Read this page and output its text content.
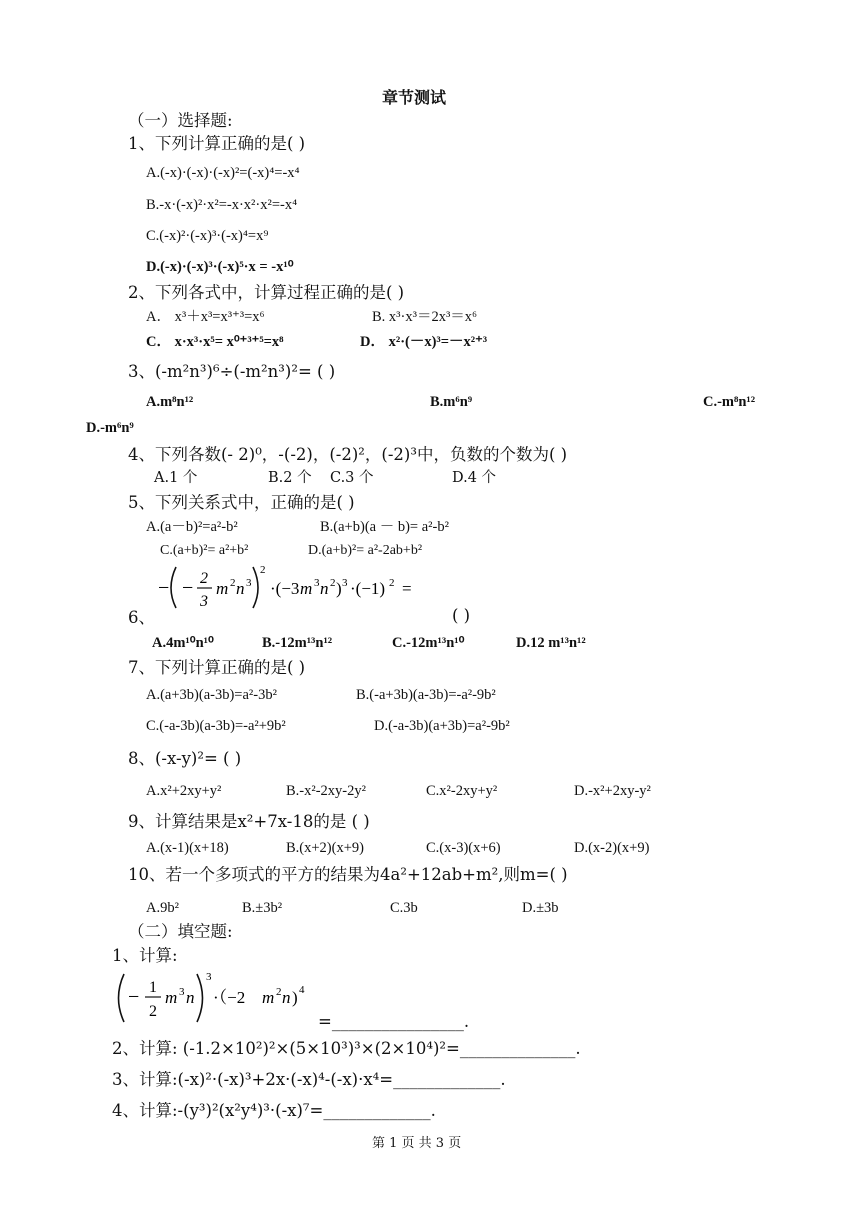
章节测试
（一）选择题:
1、下列计算正确的是( )
A.(-x)·(-x)·(-x)²=(-x)⁴=-x⁴
B.-x·(-x)²·x²=-x·x²·x²=-x⁴
C.(-x)²·(-x)³·(-x)⁴=x⁹
D.(-x)·(-x)³·(-x)⁵·x = -x¹⁰
2、下列各式中，计算过程正确的是( )
A． x³＋x³=x³⁺³=x⁶	B. x³·x³＝2x³＝x⁶
C． x·x³·x⁵= x⁰⁺³⁺⁵=x⁸	D． x²·(－x)³=－x²⁺³
3、(-m²n³)⁶÷(-m²n³)²= ( )
A.m⁸n¹²	B.m⁶n⁹	C.-m⁸n¹²
D.-m⁶n⁹
4、下列各数(- 2)⁰，-(-2)，(-2)²，(-2)³中，负数的个数为( )
A.1 个	B.2 个 C.3 个	D.4 个
5、下列关系式中，正确的是( )
A.(a－b)²=a²-b²	B.(a+b)(a － b)= a²-b²
C.(a+b)²= a²+b²	D.(a+b)²= a²-2ab+b²
− − 2
3
m 2 n 3
2
·(−3 m 3 n 2 ) 3 ·(−1) 2 =
6、	( )
A.4m¹⁰n¹⁰	B.-12m¹³n¹²	C.-12m¹³n¹⁰	D.12 m¹³n¹²
7、下列计算正确的是( )
A.(a+3b)(a-3b)=a²-3b²	B.(-a+3b)(a-3b)=-a²-9b²
C.(-a-3b)(a-3b)=-a²+9b²	D.(-a-3b)(a+3b)=a²-9b²
8、(-x-y)²= ( )
A.x²+2xy+y²	B.-x²-2xy-2y²	C.x²-2xy+y²	D.-x²+2xy-y²
9、计算结果是x²+7x-18的是 ( )
A.(x-1)(x+18)	B.(x+2)(x+9)	C.(x-3)(x+6)	D.(x-2)(x+9)
10、若一个多项式的平方的结果为4a²+12ab+m²,则m=( )
A.9b²	B.±3b²	C.3b	D.±3b
（二）填空题:
1、计算:
− 1
2
m 3 n
3
·（−2 m 2 n ) 4
=________________.
2、计算: (-1.2×10²)²×(5×10³)³×(2×10⁴)²=______________.
3、计算:(-x)²·(-x)³+2x·(-x)⁴-(-x)·x⁴=_____________.
4、计算:-(y³)²(x²y⁴)³·(-x)⁷=_____________.
第 1 页 共 3 页
